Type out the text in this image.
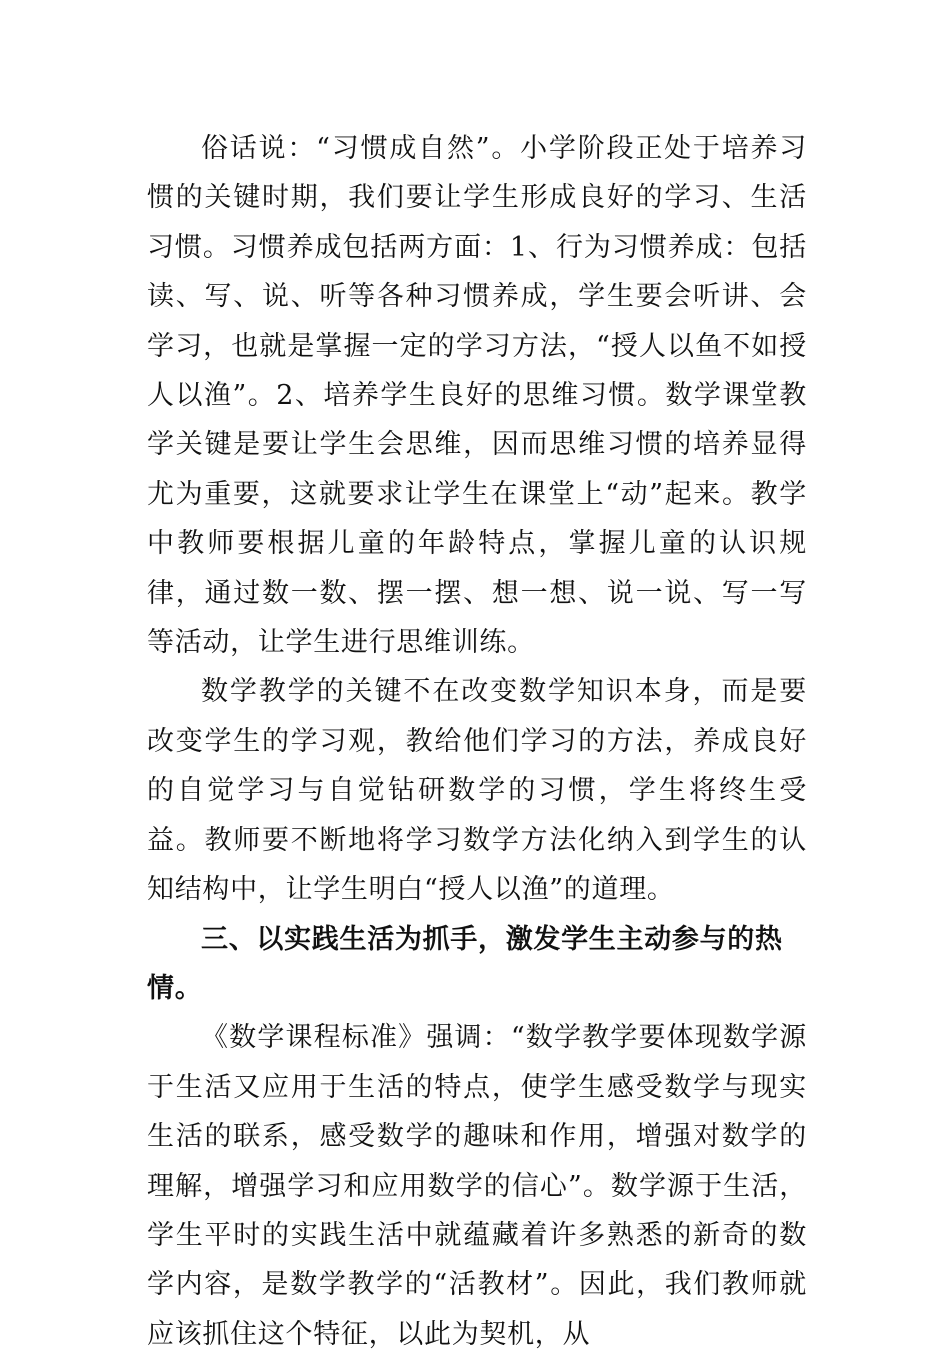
俗话说：“习惯成自然”。小学阶段正处于培养习惯的关键时期，我们要让学生形成良好的学习、生活习惯。习惯养成包括两方面：1、行为习惯养成：包括读、写、说、听等各种习惯养成，学生要会听讲、会学习，也就是掌握一定的学习方法，“授人以鱼不如授人以渔”。2、培养学生良好的思维习惯。数学课堂教学关键是要让学生会思维，因而思维习惯的培养显得尤为重要，这就要求让学生在课堂上“动”起来。教学中教师要根据儿童的年龄特点，掌握儿童的认识规律，通过数一数、摆一摆、想一想、说一说、写一写等活动，让学生进行思维训练。

数学教学的关键不在改变数学知识本身，而是要改变学生的学习观，教给他们学习的方法，养成良好的自觉学习与自觉钻研数学的习惯，学生将终生受益。教师要不断地将学习数学方法化纳入到学生的认知结构中，让学生明白“授人以渔”的道理。

三、以实践生活为抓手，激发学生主动参与的热情。

《数学课程标准》强调：“数学教学要体现数学源于生活又应用于生活的特点，使学生感受数学与现实生活的联系，感受数学的趣味和作用，增强对数学的理解，增强学习和应用数学的信心”。数学源于生活，学生平时的实践生活中就蕴藏着许多熟悉的新奇的数学内容，是数学教学的“活教材”。因此，我们教师就应该抓住这个特征，以此为契机，从
